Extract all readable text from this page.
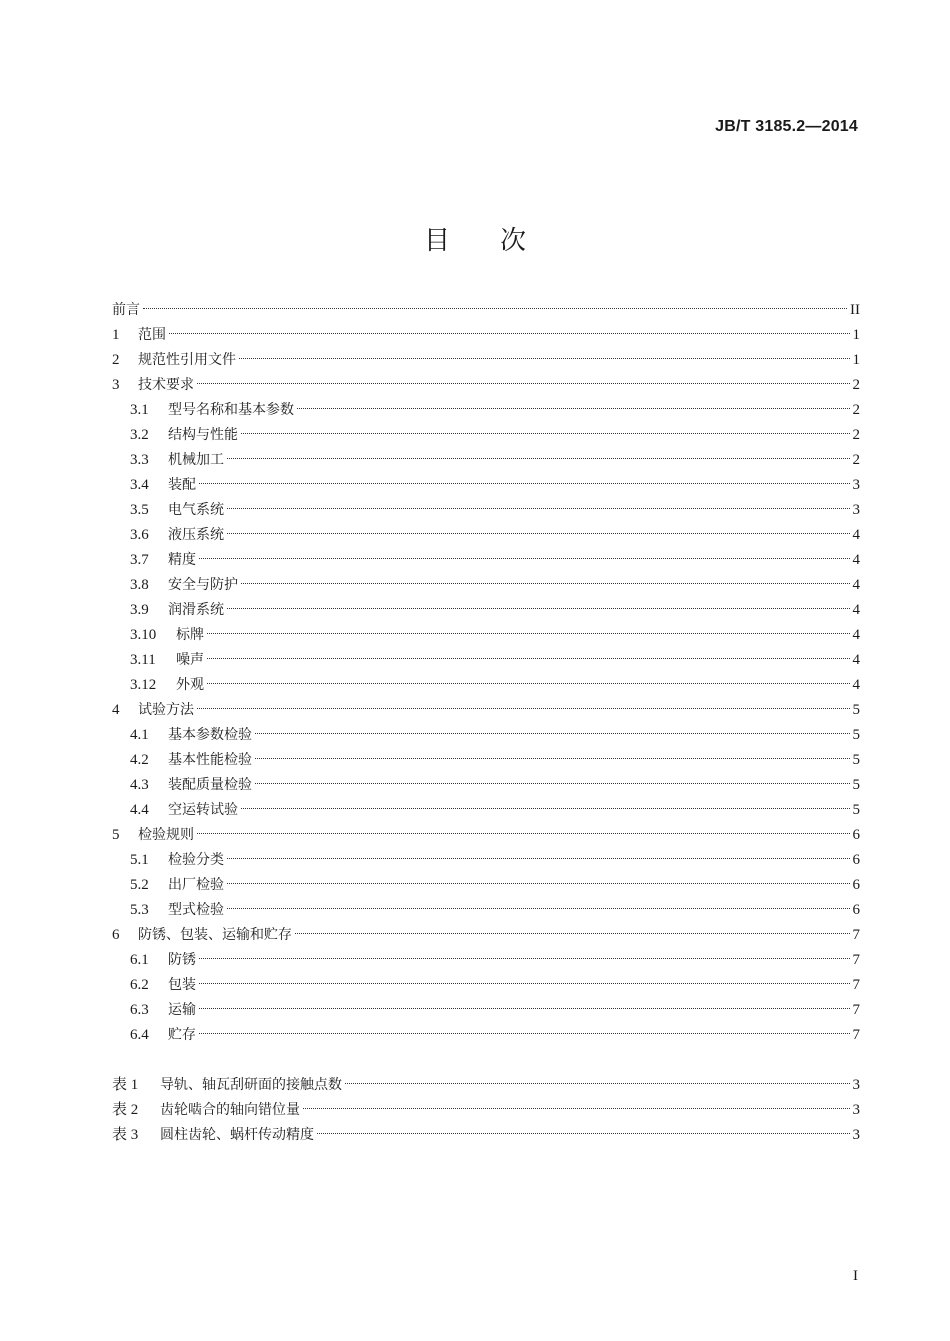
JB/T 3185.2—2014
目次
前言	II
1	范围	1
2	规范性引用文件	1
3	技术要求	2
3.1	型号名称和基本参数	2
3.2	结构与性能	2
3.3	机械加工	2
3.4	装配	3
3.5	电气系统	3
3.6	液压系统	4
3.7	精度	4
3.8	安全与防护	4
3.9	润滑系统	4
3.10	标牌	4
3.11	噪声	4
3.12	外观	4
4	试验方法	5
4.1	基本参数检验	5
4.2	基本性能检验	5
4.3	装配质量检验	5
4.4	空运转试验	5
5	检验规则	6
5.1	检验分类	6
5.2	出厂检验	6
5.3	型式检验	6
6	防锈、包装、运输和贮存	7
6.1	防锈	7
6.2	包装	7
6.3	运输	7
6.4	贮存	7
表 1	导轨、轴瓦刮研面的接触点数	3
表 2	齿轮啮合的轴向错位量	3
表 3	圆柱齿轮、蜗杆传动精度	3
I
